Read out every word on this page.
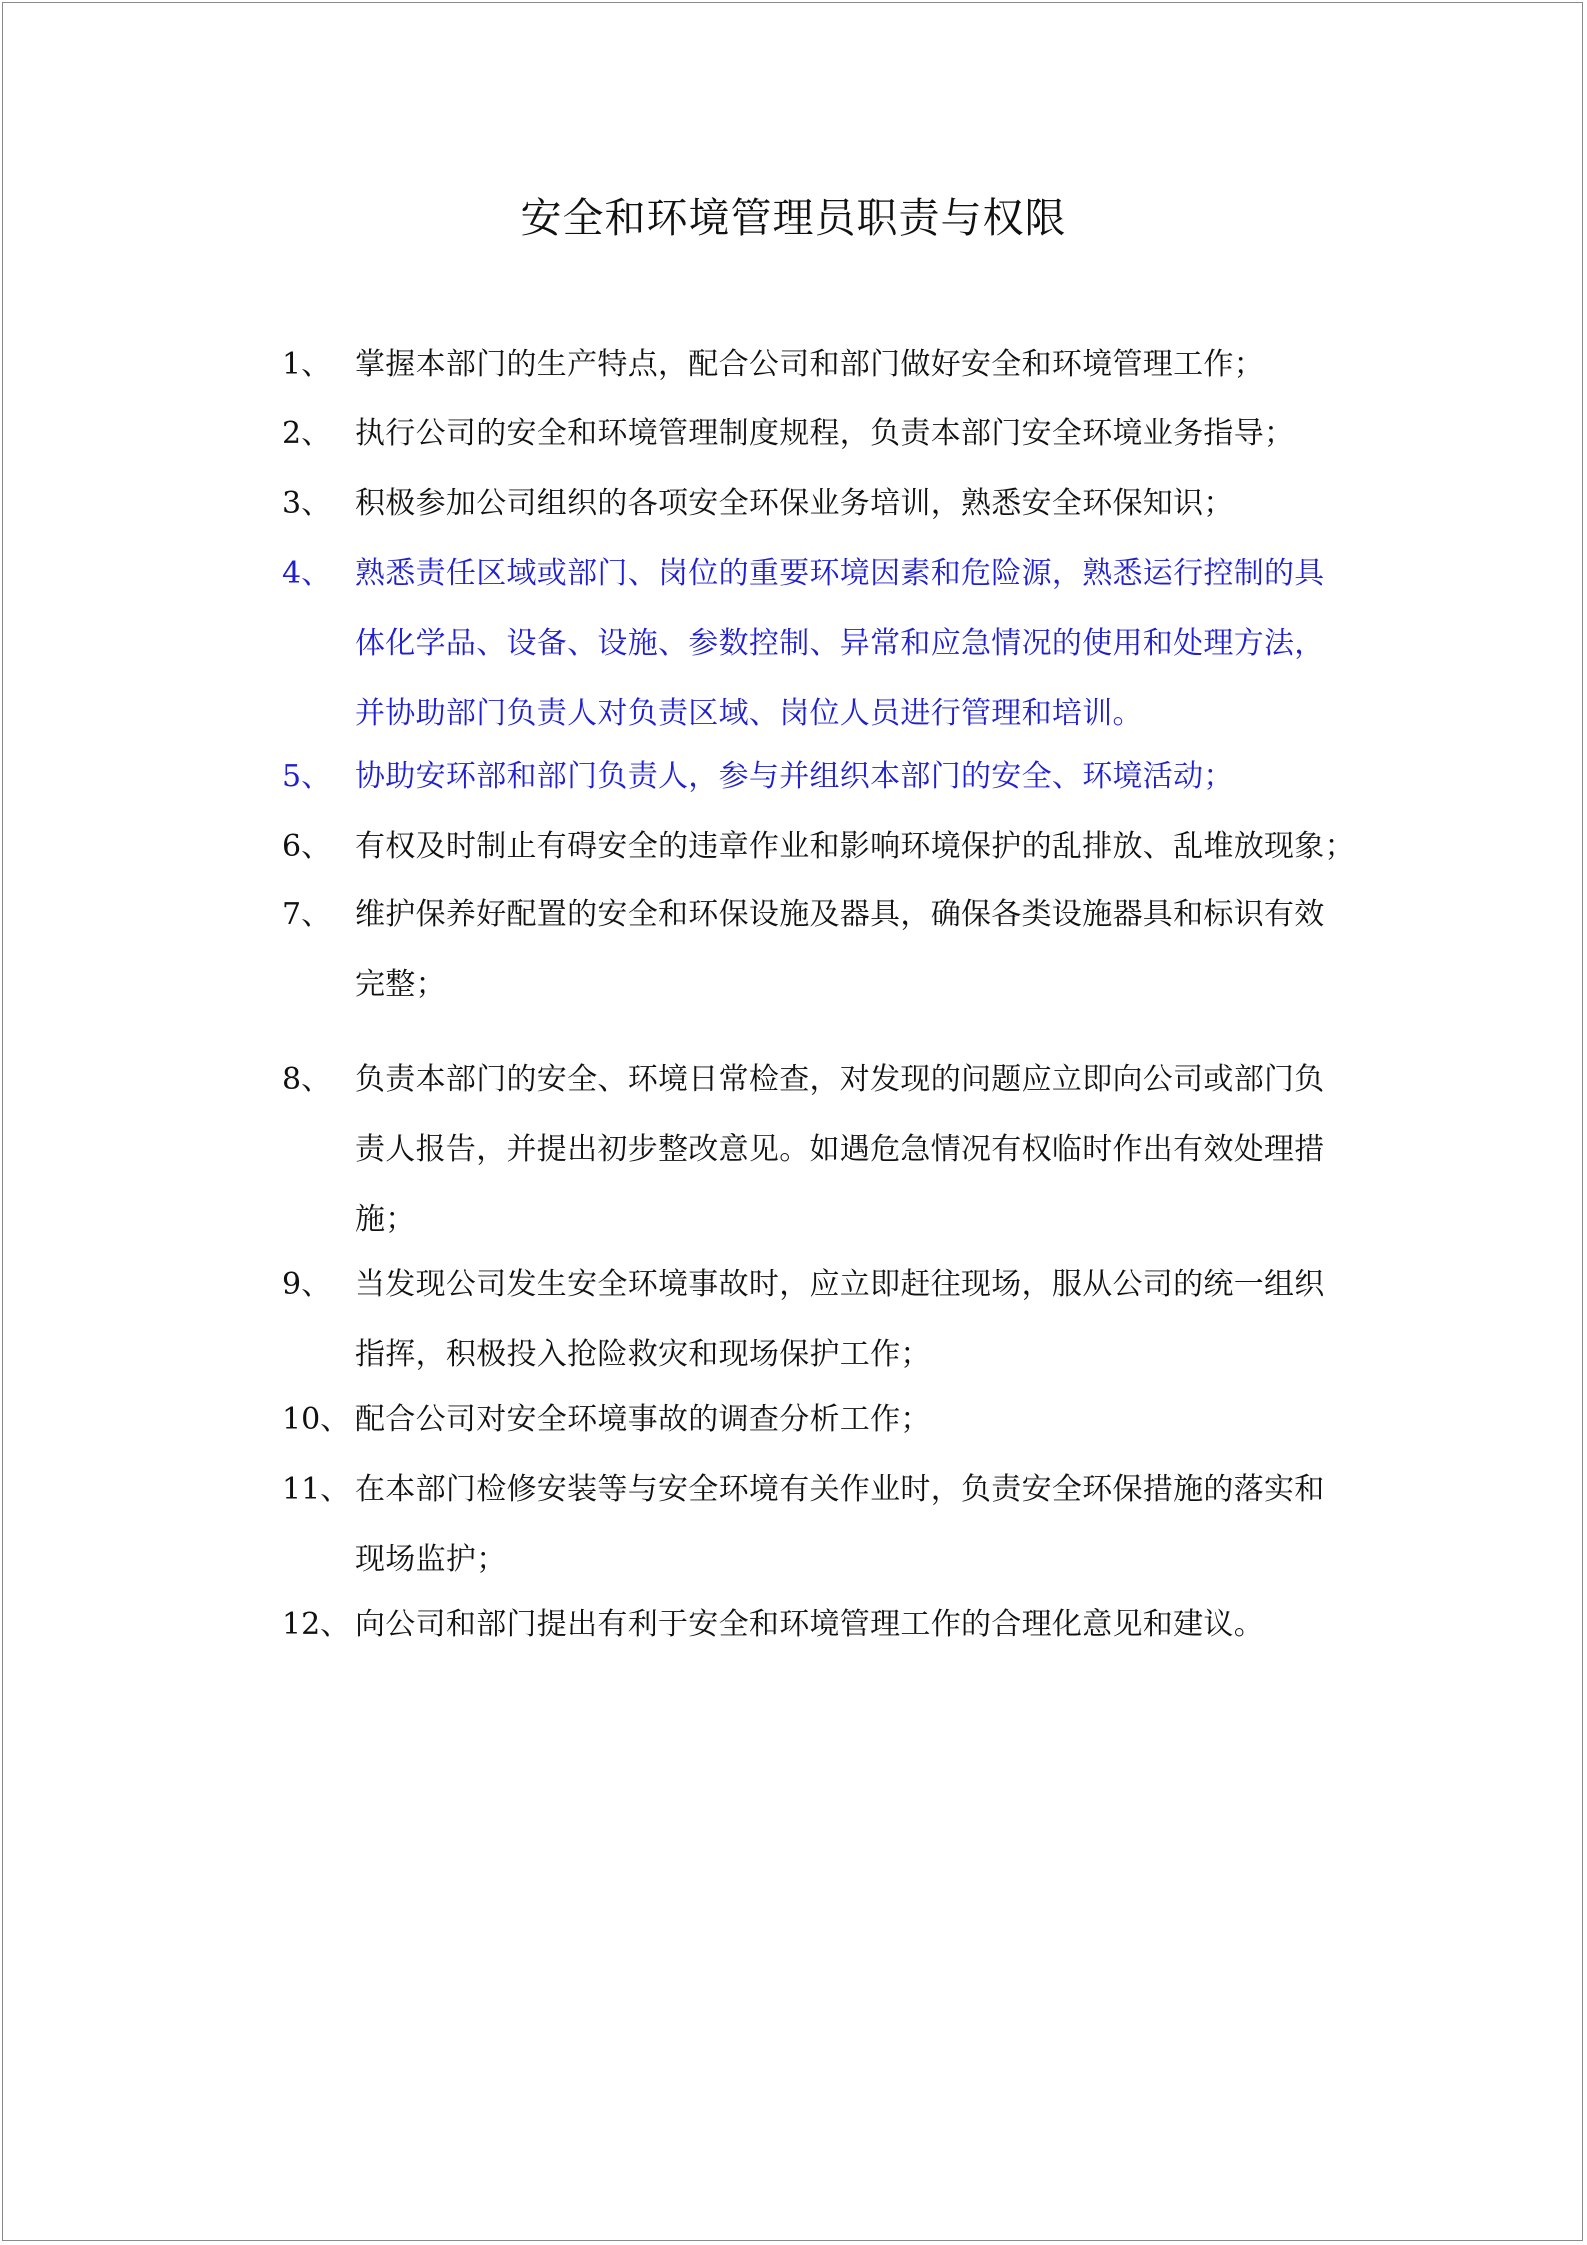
安全和环境管理员职责与权限
1、 掌握本部门的生产特点，配合公司和部门做好安全和环境管理工作；
2、 执行公司的安全和环境管理制度规程，负责本部门安全环境业务指导；
3、 积极参加公司组织的各项安全环保业务培训，熟悉安全环保知识；
4、 熟悉责任区域或部门、岗位的重要环境因素和危险源，熟悉运行控制的具
体化学品、设备、设施、参数控制、异常和应急情况的使用和处理方法，
并协助部门负责人对负责区域、岗位人员进行管理和培训。
5、 协助安环部和部门负责人，参与并组织本部门的安全、环境活动；
6、 有权及时制止有碍安全的违章作业和影响环境保护的乱排放、乱堆放现象；
7、 维护保养好配置的安全和环保设施及器具，确保各类设施器具和标识有效
完整；
8、 负责本部门的安全、环境日常检查，对发现的问题应立即向公司或部门负
责人报告，并提出初步整改意见。如遇危急情况有权临时作出有效处理措
施；
9、 当发现公司发生安全环境事故时，应立即赶往现场，服从公司的统一组织
指挥，积极投入抢险救灾和现场保护工作；
10、 配合公司对安全环境事故的调查分析工作；
11、 在本部门检修安装等与安全环境有关作业时，负责安全环保措施的落实和
现场监护；
12、 向公司和部门提出有利于安全和环境管理工作的合理化意见和建议。
